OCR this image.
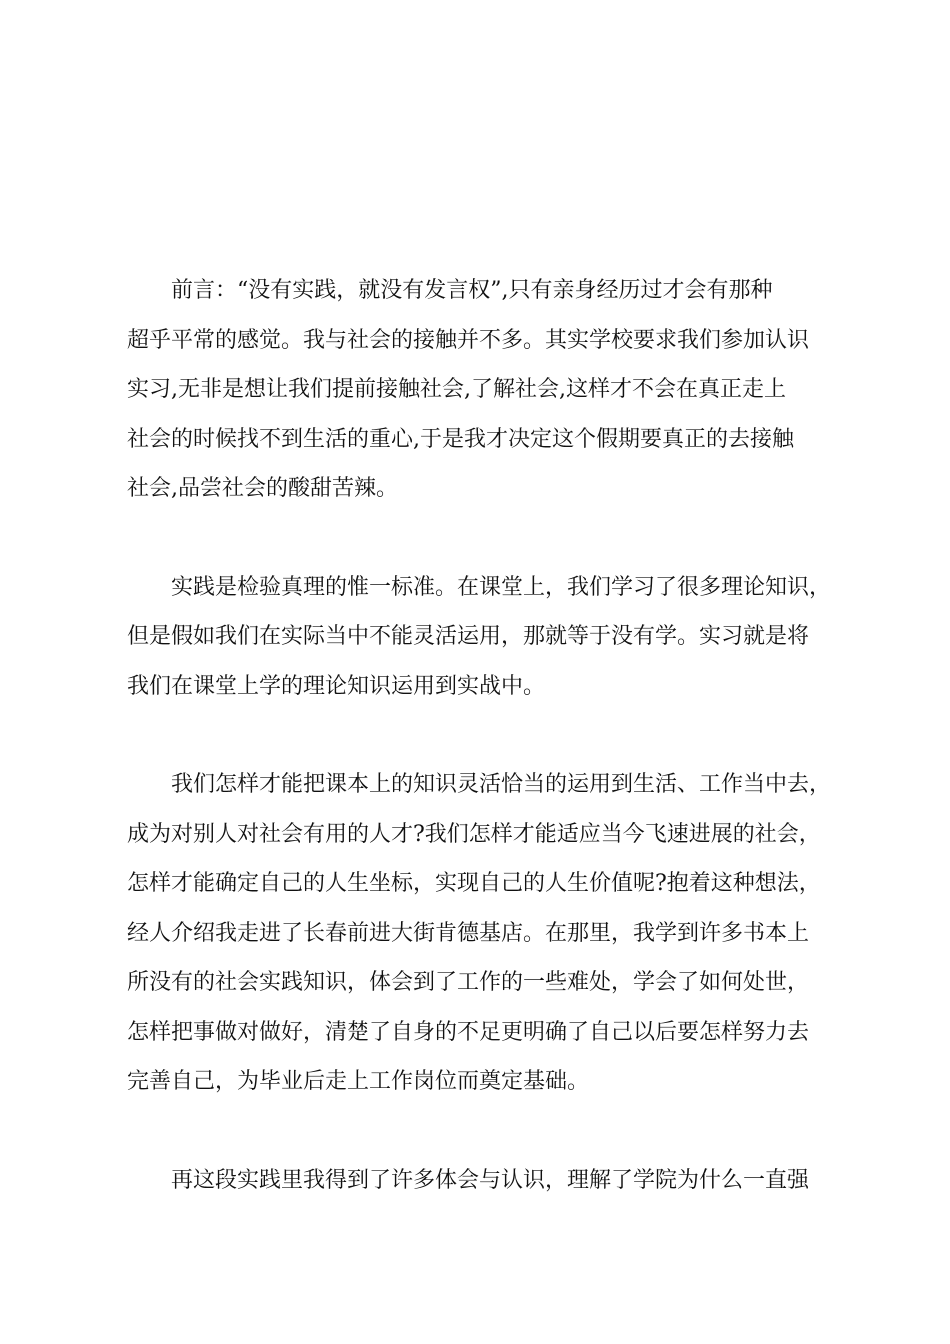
前言：“没有实践，就没有发言权”,只有亲身经历过才会有那种
超乎平常的感觉。我与社会的接触并不多。其实学校要求我们参加认识
实习,无非是想让我们提前接触社会,了解社会,这样才不会在真正走上
社会的时候找不到生活的重心,于是我才决定这个假期要真正的去接触
社会,品尝社会的酸甜苦辣。
实践是检验真理的惟一标准。在课堂上，我们学习了很多理论知识，
但是假如我们在实际当中不能灵活运用，那就等于没有学。实习就是将
我们在课堂上学的理论知识运用到实战中。
我们怎样才能把课本上的知识灵活恰当的运用到生活、工作当中去，
成为对别人对社会有用的人才?我们怎样才能适应当今飞速进展的社会，
怎样才能确定自己的人生坐标，实现自己的人生价值呢?抱着这种想法，
经人介绍我走进了长春前进大街肯德基店。在那里，我学到许多书本上
所没有的社会实践知识，体会到了工作的一些难处，学会了如何处世，
怎样把事做对做好，清楚了自身的不足更明确了自己以后要怎样努力去
完善自己，为毕业后走上工作岗位而奠定基础。
再这段实践里我得到了许多体会与认识，理解了学院为什么一直强
